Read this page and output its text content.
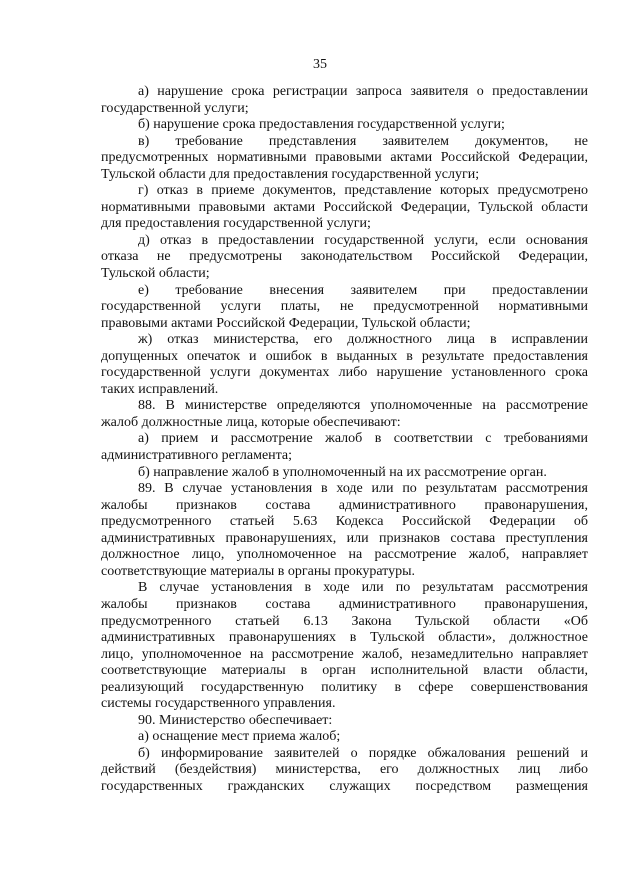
35
а) нарушение срока регистрации запроса заявителя о предоставлении
государственной услуги;
б) нарушение срока предоставления государственной услуги;
в) требование представления заявителем документов, не
предусмотренных нормативными правовыми актами Российской Федерации,
Тульской области для предоставления государственной услуги;
г) отказ в приеме документов, представление которых предусмотрено
нормативными правовыми актами Российской Федерации, Тульской области
для предоставления государственной услуги;
д) отказ в предоставлении государственной услуги, если основания
отказа не предусмотрены законодательством Российской Федерации,
Тульской области;
е) требование внесения заявителем при предоставлении
государственной услуги платы, не предусмотренной нормативными
правовыми актами Российской Федерации, Тульской области;
ж) отказ министерства, его должностного лица в исправлении
допущенных опечаток и ошибок в выданных в результате предоставления
государственной услуги документах либо нарушение установленного срока
таких исправлений.
88. В министерстве определяются уполномоченные на рассмотрение
жалоб должностные лица, которые обеспечивают:
а) прием и рассмотрение жалоб в соответствии с требованиями
административного регламента;
б) направление жалоб в уполномоченный на их рассмотрение орган.
89. В случае установления в ходе или по результатам рассмотрения
жалобы признаков состава административного правонарушения,
предусмотренного статьей 5.63 Кодекса Российской Федерации об
административных правонарушениях, или признаков состава преступления
должностное лицо, уполномоченное на рассмотрение жалоб, направляет
соответствующие материалы в органы прокуратуры.
В случае установления в ходе или по результатам рассмотрения
жалобы признаков состава административного правонарушения,
предусмотренного статьей 6.13 Закона Тульской области «Об
административных правонарушениях в Тульской области», должностное
лицо, уполномоченное на рассмотрение жалоб, незамедлительно направляет
соответствующие материалы в орган исполнительной власти области,
реализующий государственную политику в сфере совершенствования
системы государственного управления.
90. Министерство обеспечивает:
а) оснащение мест приема жалоб;
б) информирование заявителей о порядке обжалования решений и
действий (бездействия) министерства, его должностных лиц либо
государственных гражданских служащих посредством размещения
